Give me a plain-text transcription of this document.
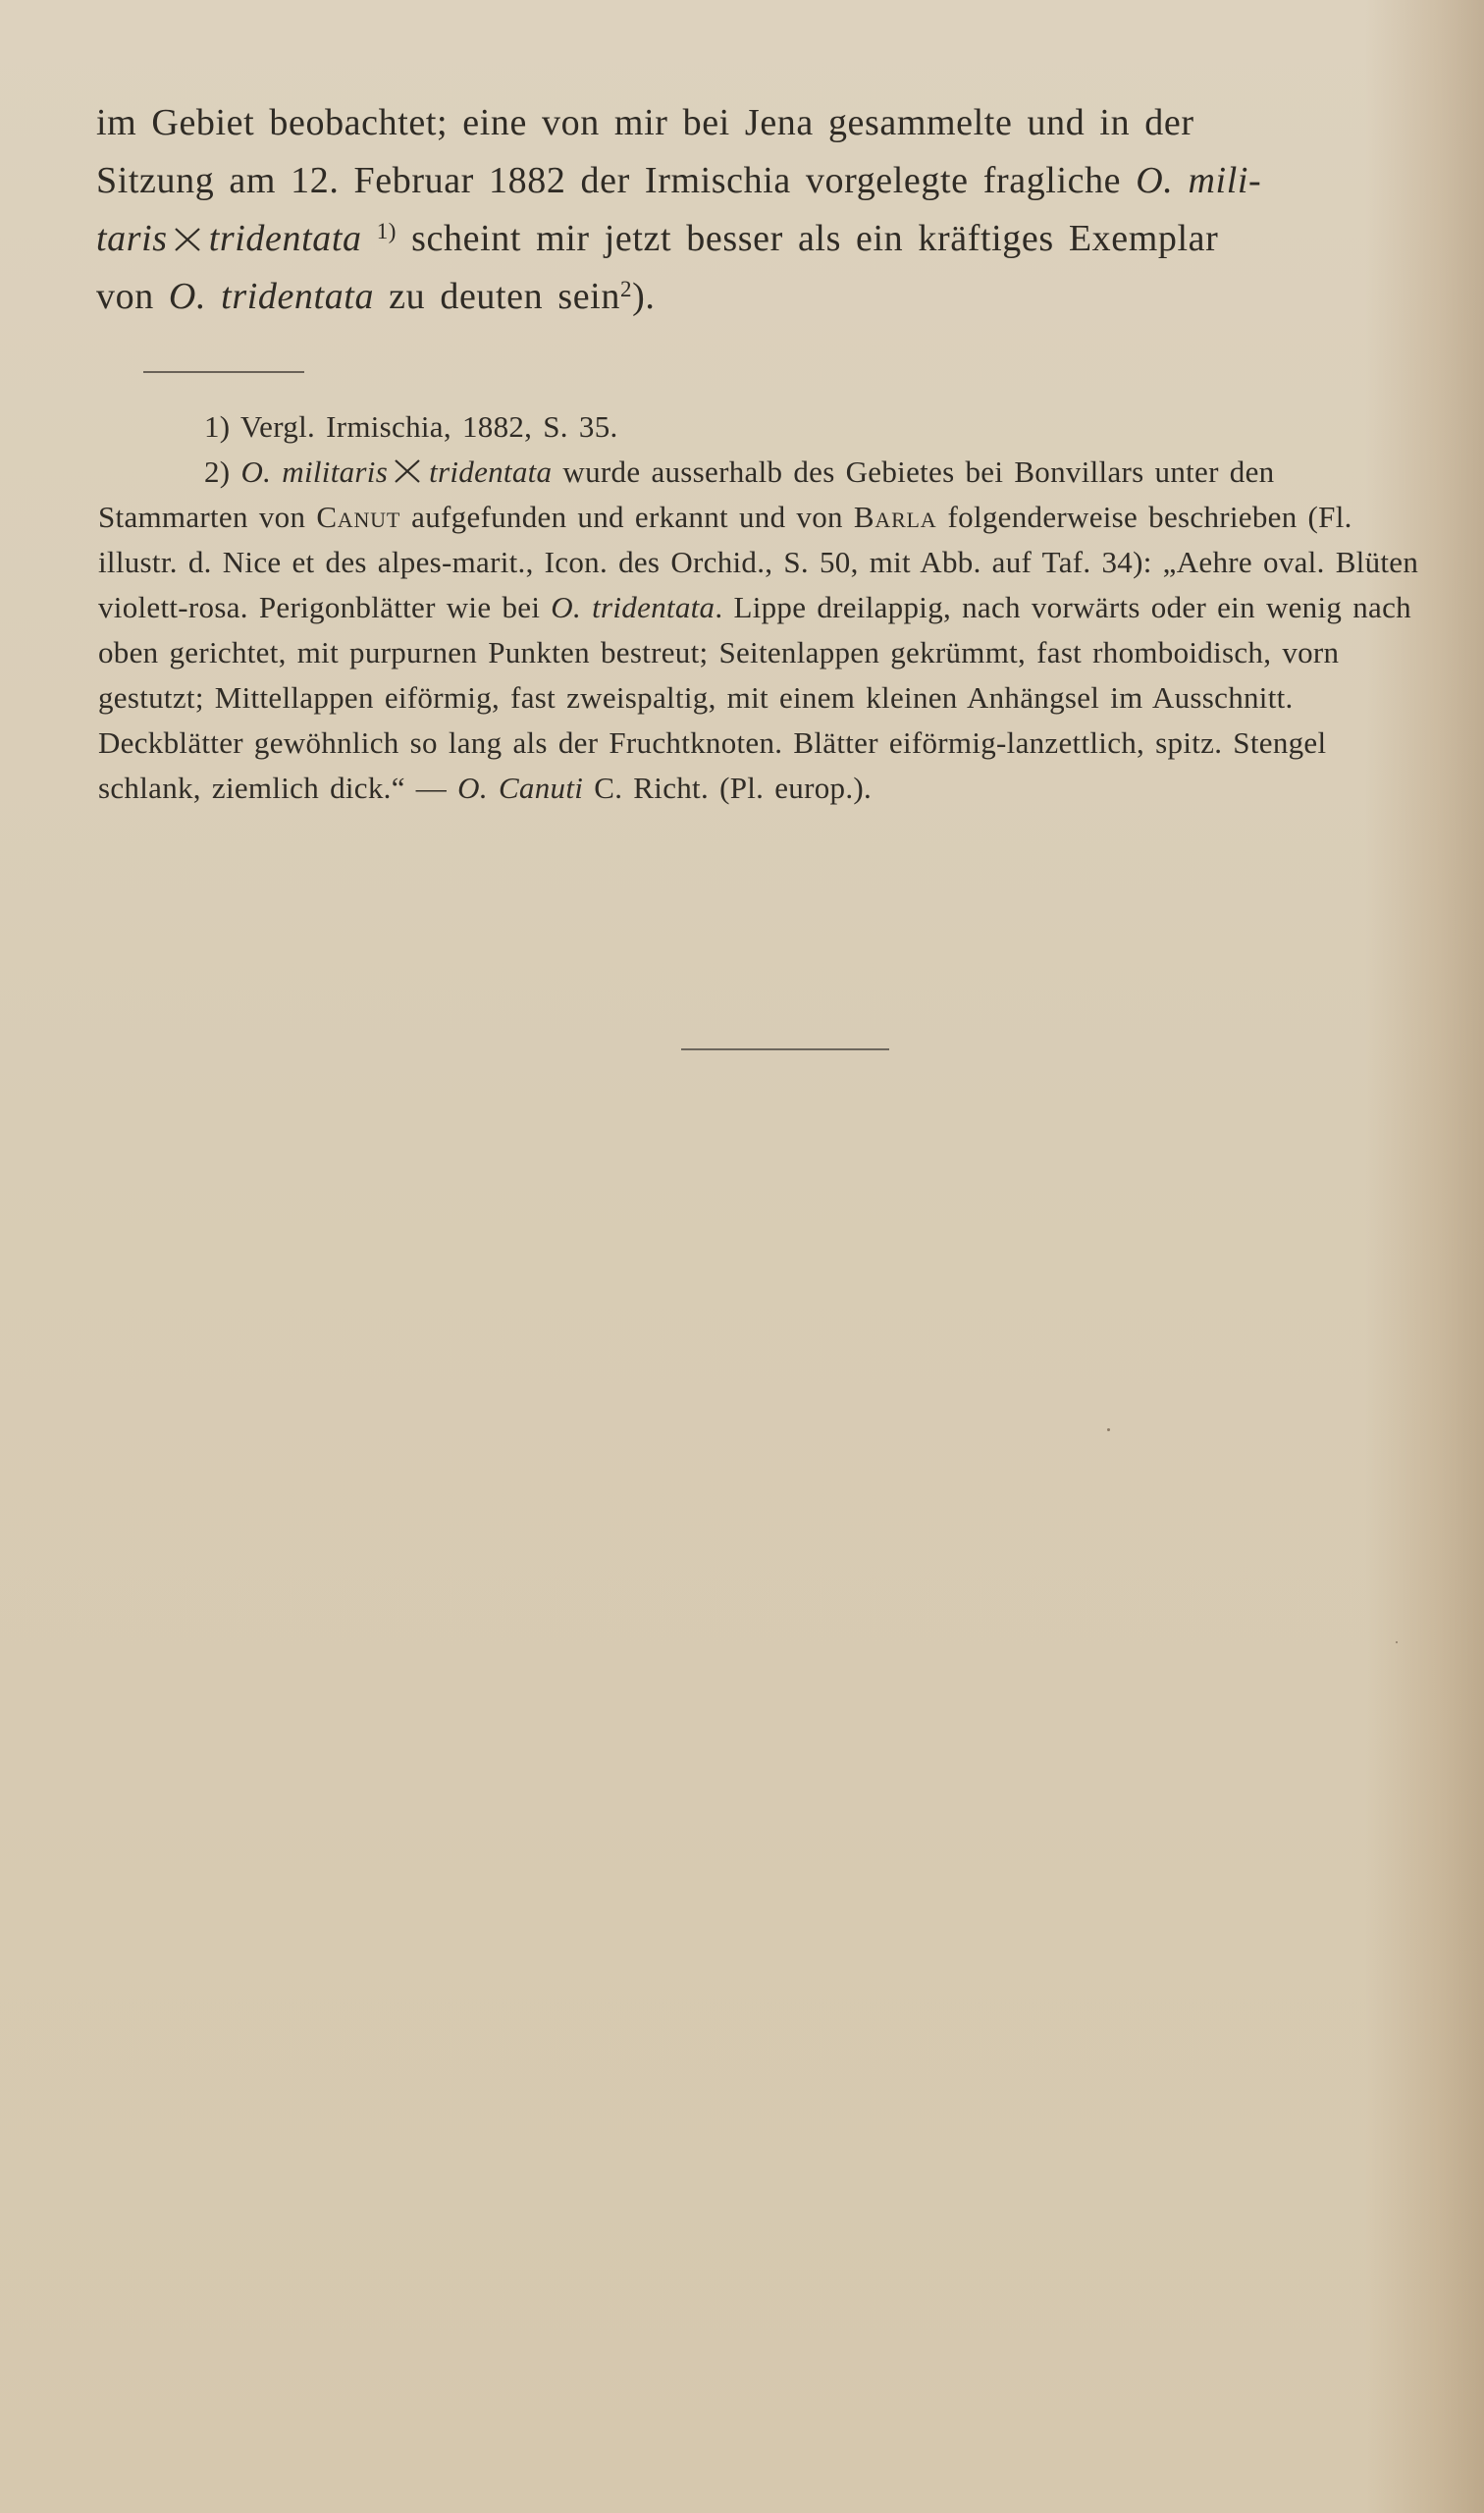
im Gebiet beobachtet; eine von mir bei Jena gesammelte und in der
Sitzung am 12. Februar 1882 der Irmischia vorgelegte fragliche O. mili-
taris tridentata $^{1)}$ scheint mir jetzt besser als ein kräftiges Exemplar
von O. tridentata zu deuten sein$^2$).

1) Vergl. Irmischia, 1882, S. 35.

2) O. militaris tridentata wurde ausserhalb des Gebietes bei Bonvillars unter den Stammarten von Canut aufgefunden und erkannt und von Barla folgenderweise beschrieben (Fl. illustr. d. Nice et des alpes-marit., Icon. des Orchid., S. 50, mit Abb. auf Taf. 34): „Aehre oval. Blüten violett-rosa. Perigonblätter wie bei O. tridentata. Lippe dreilappig, nach vorwärts oder ein wenig nach oben gerichtet, mit purpurnen Punkten bestreut; Seitenlappen gekrümmt, fast rhomboidisch, vorn gestutzt; Mittellappen eiförmig, fast zweispaltig, mit einem kleinen Anhängsel im Ausschnitt. Deckblätter gewöhnlich so lang als der Fruchtknoten. Blätter eiförmig-lanzettlich, spitz. Stengel schlank, ziemlich dick.“ — O. Canuti C. Richt. (Pl. europ.).
